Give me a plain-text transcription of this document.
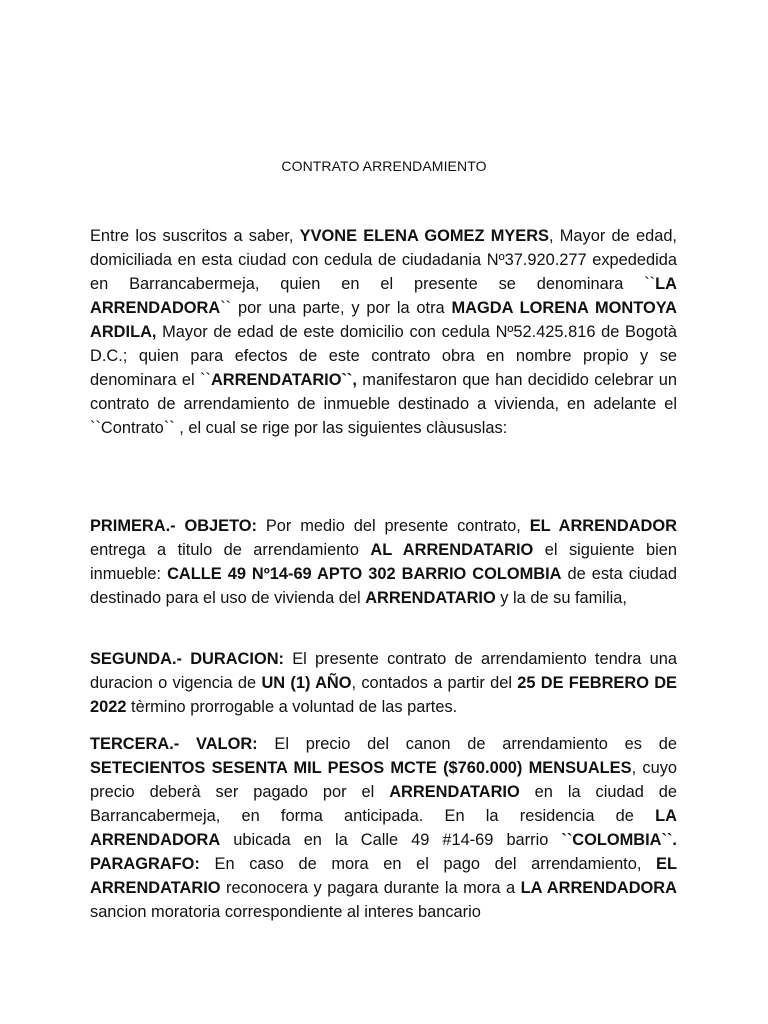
CONTRATO ARRENDAMIENTO

Entre los suscritos a saber, YVONE ELENA GOMEZ MYERS, Mayor de edad, domiciliada en esta ciudad con cedula de ciudadania Nº37.920.277 expededida en Barrancabermeja, quien en el presente se denominara ``LA ARRENDADORA`` por una parte, y por la otra MAGDA LORENA MONTOYA ARDILA, Mayor de edad de este domicilio con cedula Nº52.425.816 de Bogotà D.C.; quien para efectos de este contrato obra en nombre propio y se denominara el ``ARRENDATARIO``, manifestaron que han decidido celebrar un contrato de arrendamiento de inmueble destinado a vivienda, en adelante el ``Contrato`` , el cual se rige por las siguientes clàususlas:

PRIMERA.- OBJETO: Por medio del presente contrato, EL ARRENDADOR entrega a titulo de arrendamiento AL ARRENDATARIO el siguiente bien inmueble: CALLE 49 Nº14-69 APTO 302 BARRIO COLOMBIA de esta ciudad destinado para el uso de vivienda del ARRENDATARIO y la de su familia,

SEGUNDA.- DURACION: El presente contrato de arrendamiento tendra una duracion o vigencia de UN (1) AÑO, contados a partir del 25 DE FEBRERO DE 2022 tèrmino prorrogable a voluntad de las partes.

TERCERA.- VALOR: El precio del canon de arrendamiento es de SETECIENTOS SESENTA MIL PESOS MCTE ($760.000) MENSUALES, cuyo precio deberà ser pagado por el ARRENDATARIO en la ciudad de Barrancabermeja, en forma anticipada. En la residencia de LA ARRENDADORA ubicada en la Calle 49 #14-69 barrio ``COLOMBIA``. PARAGRAFO: En caso de mora en el pago del arrendamiento, EL ARRENDATARIO reconocera y pagara durante la mora a LA ARRENDADORA sancion moratoria correspondiente al interes bancario
